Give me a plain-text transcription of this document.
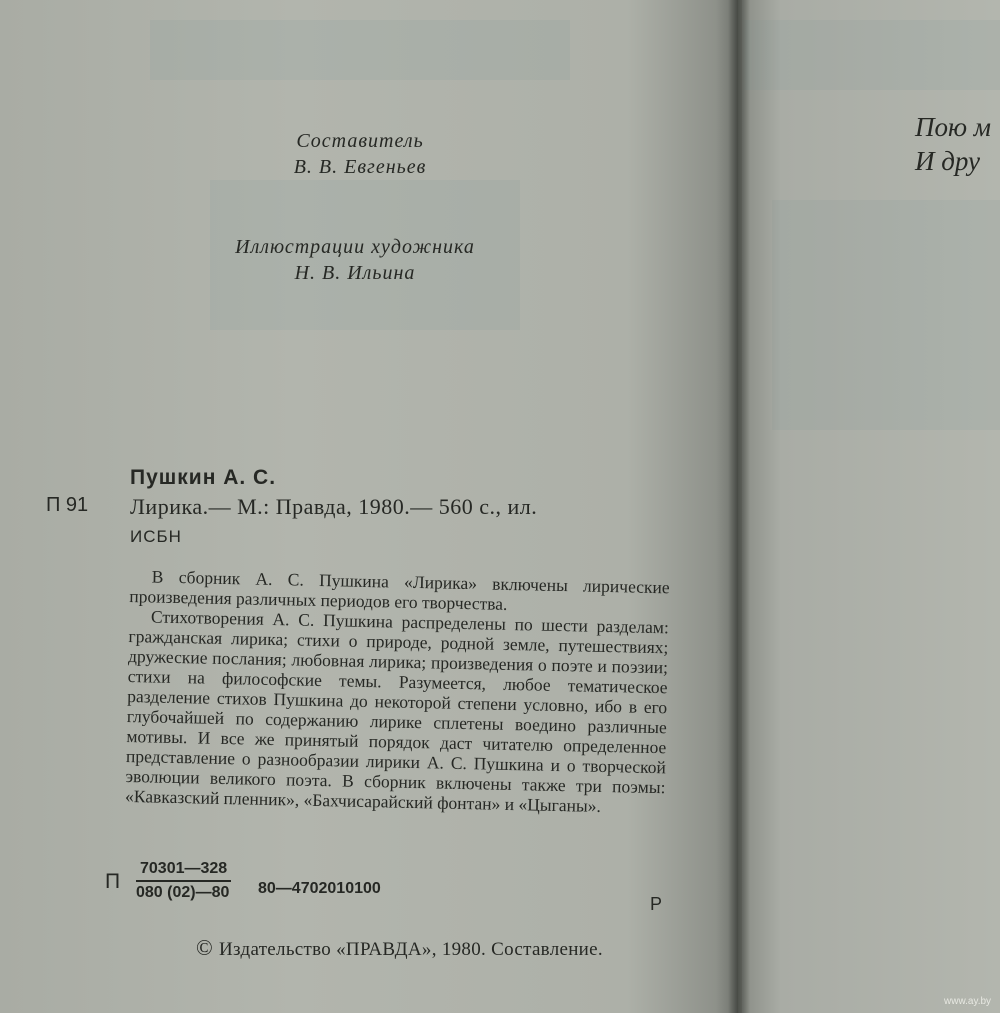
Составитель
В. В. Евгеньев
Иллюстрации художника
Н. В. Ильина
Пушкин А. С.
П 91 Лирика.— М.: Правда, 1980.— 560 с., ил.
ИСБН

В сборник А. С. Пушкина «Лирика» включены лирические произведения различных периодов его творчества.

Стихотворения А. С. Пушкина распределены по шести разделам: гражданская лирика; стихи о природе, родной земле, путешествиях; дружеские послания; любовная лирика; произведения о поэте и поэзии; стихи на философские темы. Разумеется, любое тематическое разделение стихов Пушкина до некоторой степени условно, ибо в его глубочайшей по содержанию лирике сплетены воедино различные мотивы. И все же принятый порядок даст читателю определенное представление о разнообразии лирики А. С. Пушкина и о творческой эволюции великого поэта. В сборник включены также три поэмы: «Кавказский пленник», «Бахчисарайский фонтан» и «Цыганы».

П $\frac{70301—328}{080 (02)—80}$ 80—4702010100
Р
© Издательство «ПРАВДА», 1980. Составление.
Пою м
И дру
www.ay.by
